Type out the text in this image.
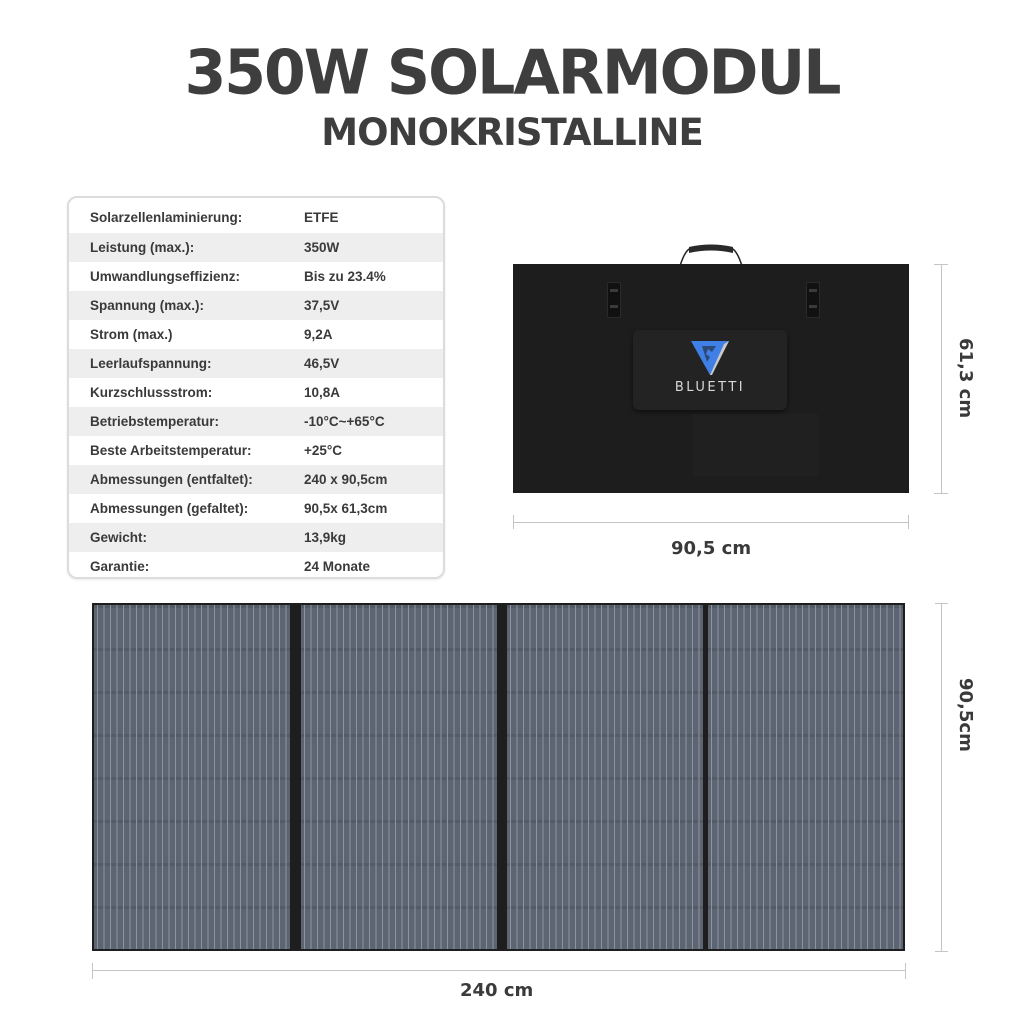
350W SOLARMODUL
MONOKRISTALLINE
Solarzellenlaminierung:	ETFE
Leistung (max.):	350W
Umwandlungseffizienz:	Bis zu 23.4%
Spannung (max.):	37,5V
Strom (max.)	9,2A
Leerlaufspannung:	46,5V
Kurzschlussstrom:	10,8A
Betriebstemperatur:	-10°C~+65°C
Beste Arbeitstemperatur:	+25°C
Abmessungen (entfaltet):	240 x 90,5cm
Abmessungen (gefaltet):	90,5x 61,3cm
Gewicht:	13,9kg
Garantie:	24 Monate
BLUETTI
90,5 cm
61,3 cm
240 cm
90,5cm
